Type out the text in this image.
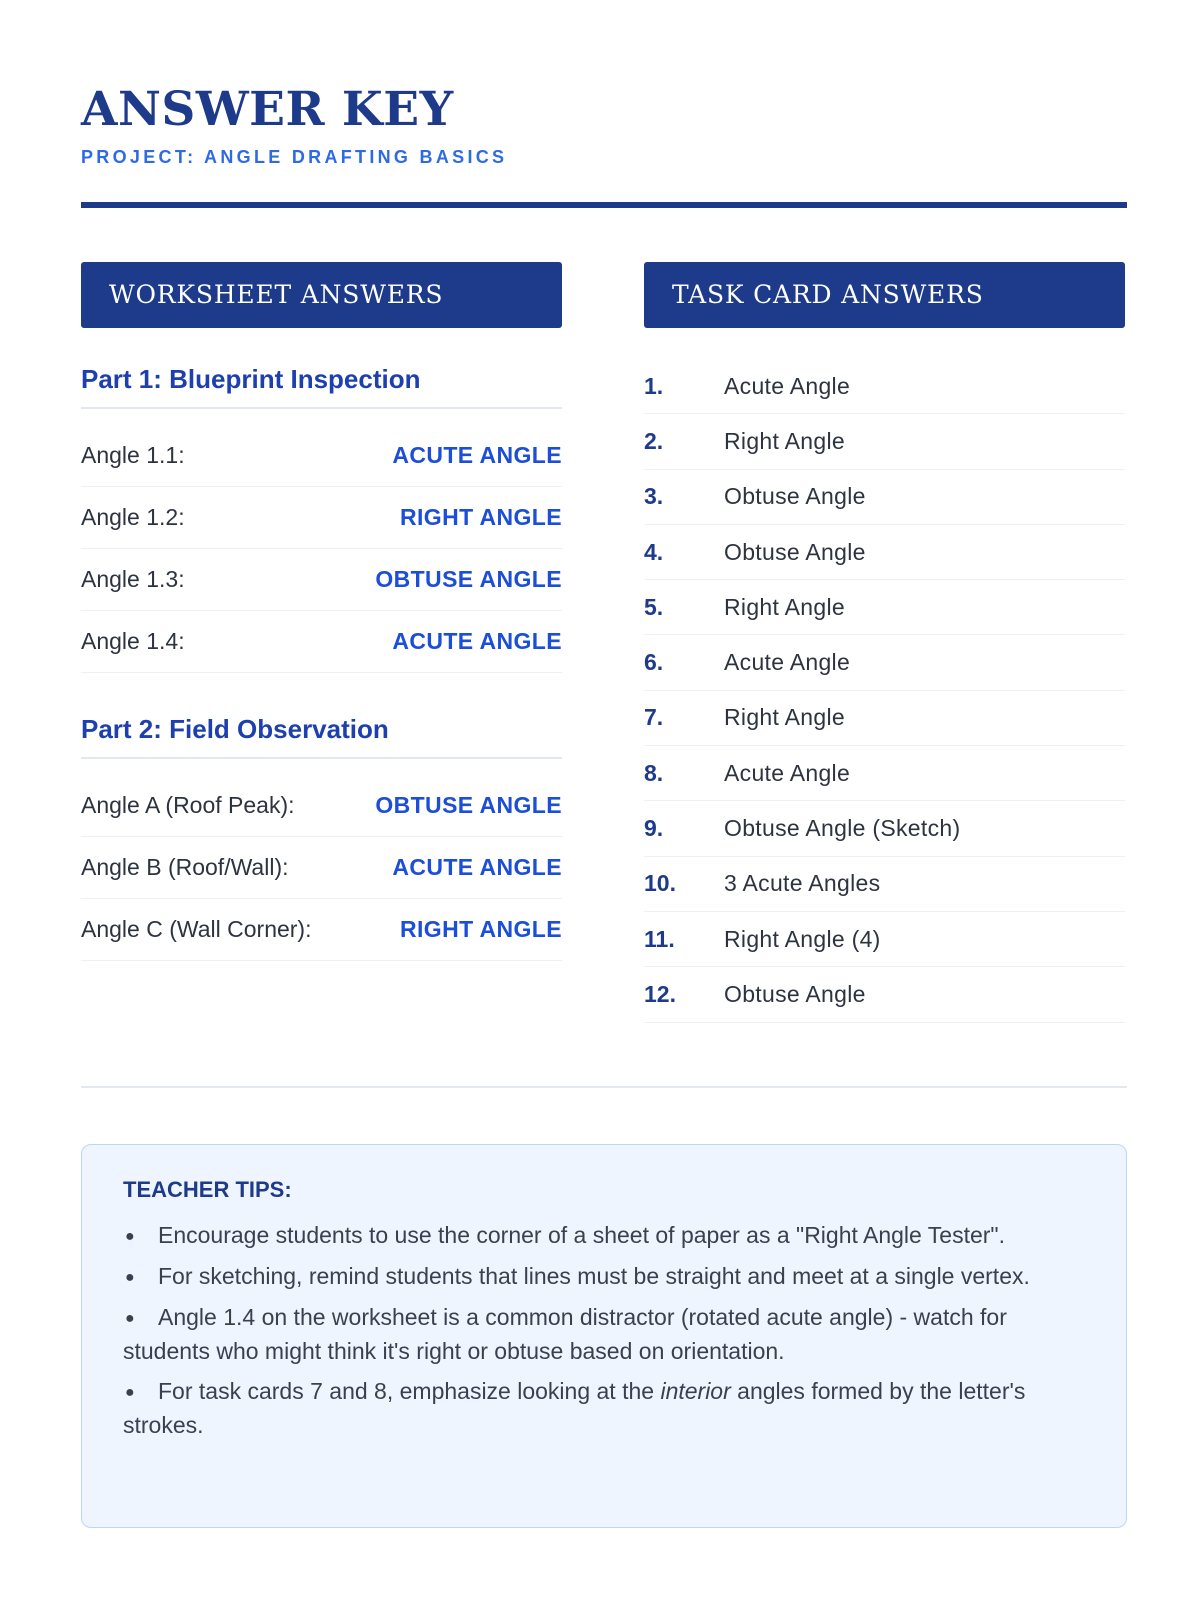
ANSWER KEY
PROJECT: ANGLE DRAFTING BASICS
WORKSHEET ANSWERS
Part 1: Blueprint Inspection
Angle 1.1:	ACUTE ANGLE
Angle 1.2:	RIGHT ANGLE
Angle 1.3:	OBTUSE ANGLE
Angle 1.4:	ACUTE ANGLE
Part 2: Field Observation
Angle A (Roof Peak):	OBTUSE ANGLE
Angle B (Roof/Wall):	ACUTE ANGLE
Angle C (Wall Corner):	RIGHT ANGLE
TASK CARD ANSWERS
1.	Acute Angle
2.	Right Angle
3.	Obtuse Angle
4.	Obtuse Angle
5.	Right Angle
6.	Acute Angle
7.	Right Angle
8.	Acute Angle
9.	Obtuse Angle (Sketch)
10.	3 Acute Angles
11.	Right Angle (4)
12.	Obtuse Angle
TEACHER TIPS:
● Encourage students to use the corner of a sheet of paper as a "Right Angle Tester".
● For sketching, remind students that lines must be straight and meet at a single vertex.
● Angle 1.4 on the worksheet is a common distractor (rotated acute angle) - watch for students who might think it's right or obtuse based on orientation.
● For task cards 7 and 8, emphasize looking at the interior angles formed by the letter's strokes.
